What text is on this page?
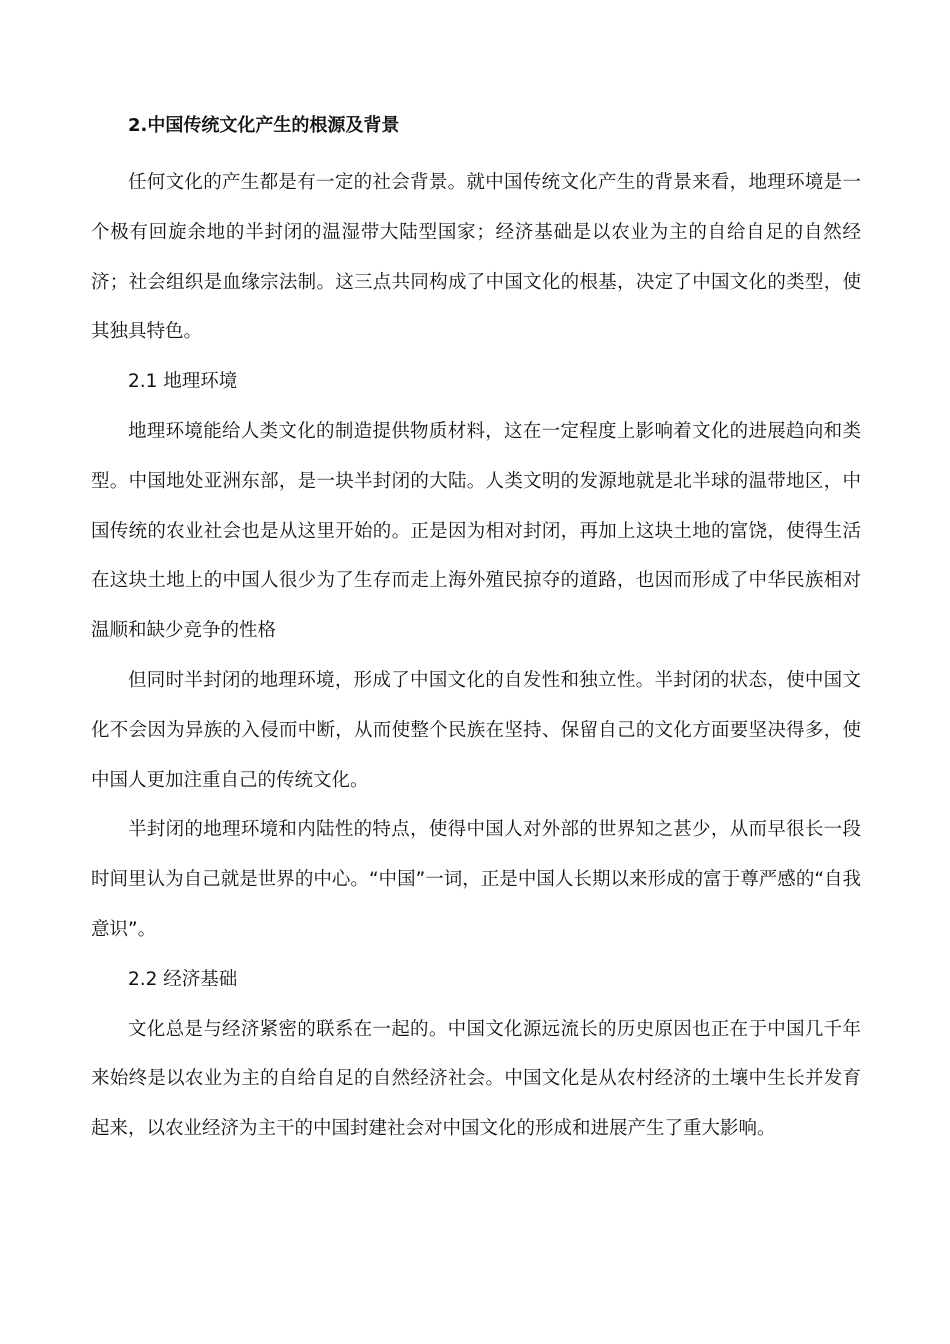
2.中国传统文化产生的根源及背景

任何文化的产生都是有一定的社会背景。就中国传统文化产生的背景来看，地理环境是一个极有回旋余地的半封闭的温湿带大陆型国家；经济基础是以农业为主的自给自足的自然经济；社会组织是血缘宗法制。这三点共同构成了中国文化的根基，决定了中国文化的类型，使其独具特色。

2.1 地理环境

地理环境能给人类文化的制造提供物质材料，这在一定程度上影响着文化的进展趋向和类型。中国地处亚洲东部，是一块半封闭的大陆。人类文明的发源地就是北半球的温带地区，中国传统的农业社会也是从这里开始的。正是因为相对封闭，再加上这块土地的富饶，使得生活在这块土地上的中国人很少为了生存而走上海外殖民掠夺的道路，也因而形成了中华民族相对温顺和缺少竞争的性格

但同时半封闭的地理环境，形成了中国文化的自发性和独立性。半封闭的状态，使中国文化不会因为异族的入侵而中断，从而使整个民族在坚持、保留自己的文化方面要坚决得多，使中国人更加注重自己的传统文化。

半封闭的地理环境和内陆性的特点，使得中国人对外部的世界知之甚少，从而早很长一段时间里认为自己就是世界的中心。“中国”一词，正是中国人长期以来形成的富于尊严感的“自我意识”。

2.2 经济基础

文化总是与经济紧密的联系在一起的。中国文化源远流长的历史原因也正在于中国几千年来始终是以农业为主的自给自足的自然经济社会。中国文化是从农村经济的土壤中生长并发育起来，以农业经济为主干的中国封建社会对中国文化的形成和进展产生了重大影响。
